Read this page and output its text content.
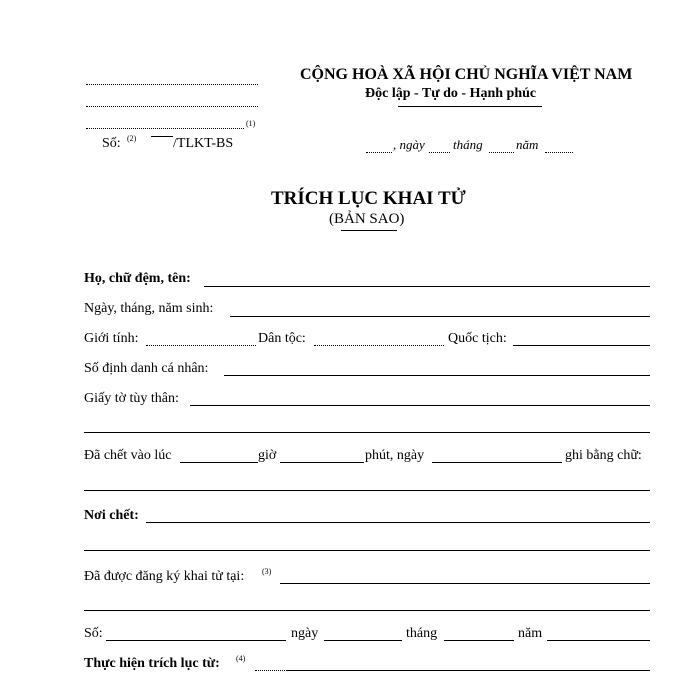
(1)
Số: (2)	/TLKT-BS
CỘNG HOÀ XÃ HỘI CHỦ NGHĨA VIỆT NAM
Độc lập - Tự do - Hạnh phúc
, ngày tháng	năm
TRÍCH LỤC KHAI TỬ
(BẢN SAO)
Họ, chữ đệm, tên:
Ngày, tháng, năm sinh:
Giới tính:	Dân tộc:	Quốc tịch:
Số định danh cá nhân:
Giấy tờ tùy thân:
Đã chết vào lúc	giờ	phút, ngày	ghi bằng chữ:
Nơi chết:
Đã được đăng ký khai tử tại: (3)
Số:	ngày	tháng	năm
Thực hiện trích lục từ: (4)
